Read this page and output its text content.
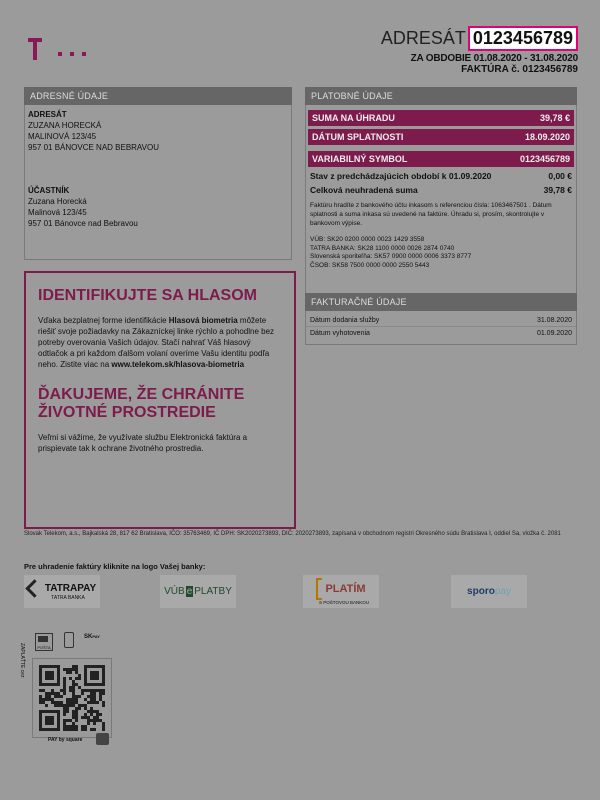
ADRESÁT 0123456789
ZA OBDOBIE 01.08.2020 - 31.08.2020
FAKTÚRA č. 0123456789
ADRESNÉ ÚDAJE
ADRESÁT
ZUZANA HORECKÁ
MALINOVÁ 123/45
957 01 BÁNOVCE NAD BEBRAVOU
ÚČASTNÍK
Zuzana Horecká
Malinová 123/45
957 01 Bánovce nad Bebravou
PLATOBNÉ ÚDAJE
SUMA NA ÚHRADU	39,78 €
DÁTUM SPLATNOSTI	18.09.2020
VARIABILNÝ SYMBOL	0123456789
Stav z predchádzajúcich období k 01.09.2020	0,00 €
Celková neuhradená suma	39,78 €
Faktúru hradíte z bankového účtu inkasom s referenciou čísla: 1063467501 . Dátum splatnosti a suma inkasa sú uvedené na faktúre. Úhradu si, prosím, skontrolujte v bankovom výpise.
VÚB: SK20 0200 0000 0023 1429 3558
TATRA BANKA: SK28 1100 0000 0026 2874 0740
Slovenská sporiteľňa: SK57 0900 0000 0006 3373 8777
ČSOB: SK58 7500 0000 0000 2550 5443
FAKTURAČNÉ ÚDAJE
Dátum dodania služby	31.08.2020
Dátum vyhotovenia	01.09.2020
IDENTIFIKUJTE SA HLASOM
Vďaka bezplatnej forme identifikácie Hlasová biometria môžete riešiť svoje požiadavky na Zákazníckej linke rýchlo a pohodlne bez potreby overovania Vašich údajov. Stačí nahrať Váš hlasový odtlačok a pri každom ďalšom volaní overíme Vašu identitu podľa neho. Zistite viac na www.telekom.sk/hlasova-biometria
ĎAKUJEME, ŽE CHRÁNITE
ŽIVOTNÉ PROSTREDIE
Veľmi si vážime, že využívate službu Elektronická faktúra a prispievate tak k ochrane životného prostredia.
Slovak Telekom, a.s., Bajkalská 28, 817 62 Bratislava, IČO: 35763469, IČ DPH: SK2020273893, DIČ: 2020273893, zapísaná v obchodnom registri Okresného súdu Bratislava I, oddiel Sa, vložka č. 2081
Pre uhradenie faktúry kliknite na logo Vašej banky:
TATRAPAY
TATRA BANKA
VÚB e PLATBY	PLATÍM
S POŠTOVOU BANKOU
sporo pay
ZAPLAŤTE cez	POŠTA
SKPAY
PAY by square
